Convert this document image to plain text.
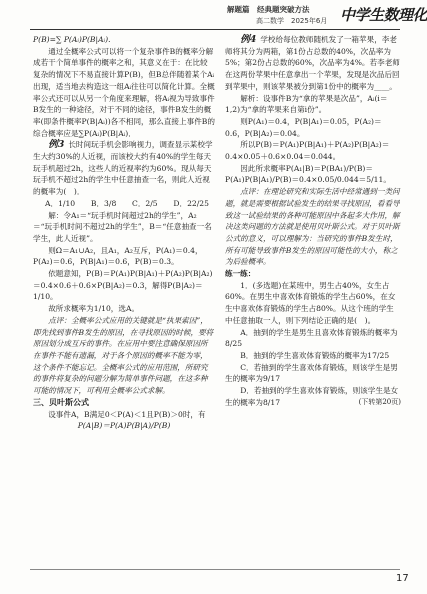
解题篇　经典题突破方法
高二数学　2025年6月 中学生数理化

P(B)=∑ P(Aᵢ)P(B|Aᵢ)．

通过全概率公式可以将一个复杂事件B的概率分解成若干个简单事件的概率之和，其意义在于：在比较复杂的情况下不易直接计算P(B)，但B总伴随着某个Aᵢ出现，适当地去构造这一组Aᵢ往往可以简化计算。全概率公式还可以从另一个角度来理解，将Aᵢ视为导致事件B发生的一种途径，对于不同的途径，事件B发生的概率(即条件概率P(B|Aᵢ))各不相同，那么直接上事件B的综合概率应是∑P(Aᵢ)P(B|Aᵢ)．

例3 长时间玩手机会影响视力，调查显示某校学生大约30%的人近视，而该校大约有40%的学生每天玩手机超过2h，这些人的近视率约为60%。现从每天玩手机不超过2h的学生中任意抽查一名，则此人近视的概率为(　)．

A．1/10 B．3/8 C．2/5 D．22/25

解：令A₁＝“玩手机时间超过2h的学生”，A₂＝“玩手机时间不超过2h的学生”，B＝“任意抽查一名学生，此人近视”。

则Ω＝A₁∪A₂，且A₁，A₂互斥，P(A₁)＝0.4，P(A₂)＝0.6，P(B|A₁)＝0.6，P(B)＝0.3。

依题意知，P(B)＝P(A₁)P(B|A₁)＋P(A₂)P(B|A₂)＝0.4×0.6＋0.6×P(B|A₂)＝0.3，解得P(B|A₂)＝1/10。

故所求概率为1/10，选A。

点评：全概率公式应用的关键就是“执果索因”，即先找到事件B发生的原因，在寻找原因的时候，要将原因划分成互斥的事件。在应用中要注意确保原因所在事件不能有遗漏，对于各个原因的概率不能为零，这个条件不能忘记。全概率公式的应用范围，所研究的事件将复杂的问题分解为简单事件问题，在这多种可能的情况下，可利用全概率公式求解。

三、贝叶斯公式

设事件A，B满足0＜P(A)＜1且P(B)＞0时，有

P(A|B)＝P(A)P(B|A)/P(B)

例4 学校给每位教师随机发了一箱苹果，李老师将其分为两箱，第1份占总数的40%，次品率为5%；第2份占总数的60%，次品率为4%。若李老师在这两份苹果中任意拿出一个苹果，发现是次品后回到苹果中，则该苹果被分到第1份中的概率为____。

解析：设事件B为“拿的苹果是次品”，Aᵢ(i＝1,2)为“拿的苹果来自第i份”。

则P(A₁)＝0.4，P(B|A₁)＝0.05，P(A₂)＝0.6，P(B|A₂)＝0.04。

所以P(B)＝P(A₁)P(B|A₁)＋P(A₂)P(B|A₂)＝0.4×0.05＋0.6×0.04＝0.044。

因此所求概率P(A₁|B)＝P(BA₁)/P(B)＝P(A₁)P(B|A₁)/P(B)＝0.4×0.05/0.044＝5/11。

点评：在理论研究和实际生活中经常遇到一类问题，就是需要根据试验发生的结果寻找原因，看看导致这一试验结果的各种可能原因中各起多大作用，解决这类问题的方法就是使用贝叶斯公式。对于贝叶斯公式的意义，可以理解为：当研究的事件B发生时，所有可能导致事件B发生的原因可能性的大小，称之为后验概率。

练一练：

1．(多选题)在某班中，男生占40%，女生占60%。在男生中喜欢体育锻炼的学生占60%，在女生中喜欢体育锻炼的学生占80%。从这个班的学生中任意抽取一人，则下列结论正确的是(　)。

A．抽到的学生是男生且喜欢体育锻炼的概率为8/25

B．抽到的学生喜欢体育锻炼的概率为17/25

C．若抽到的学生喜欢体育锻炼，则该学生是男生的概率为9/17

D．若抽到的学生喜欢体育锻炼，则该学生是女生的概率为8/17	(下转第20页)

17
